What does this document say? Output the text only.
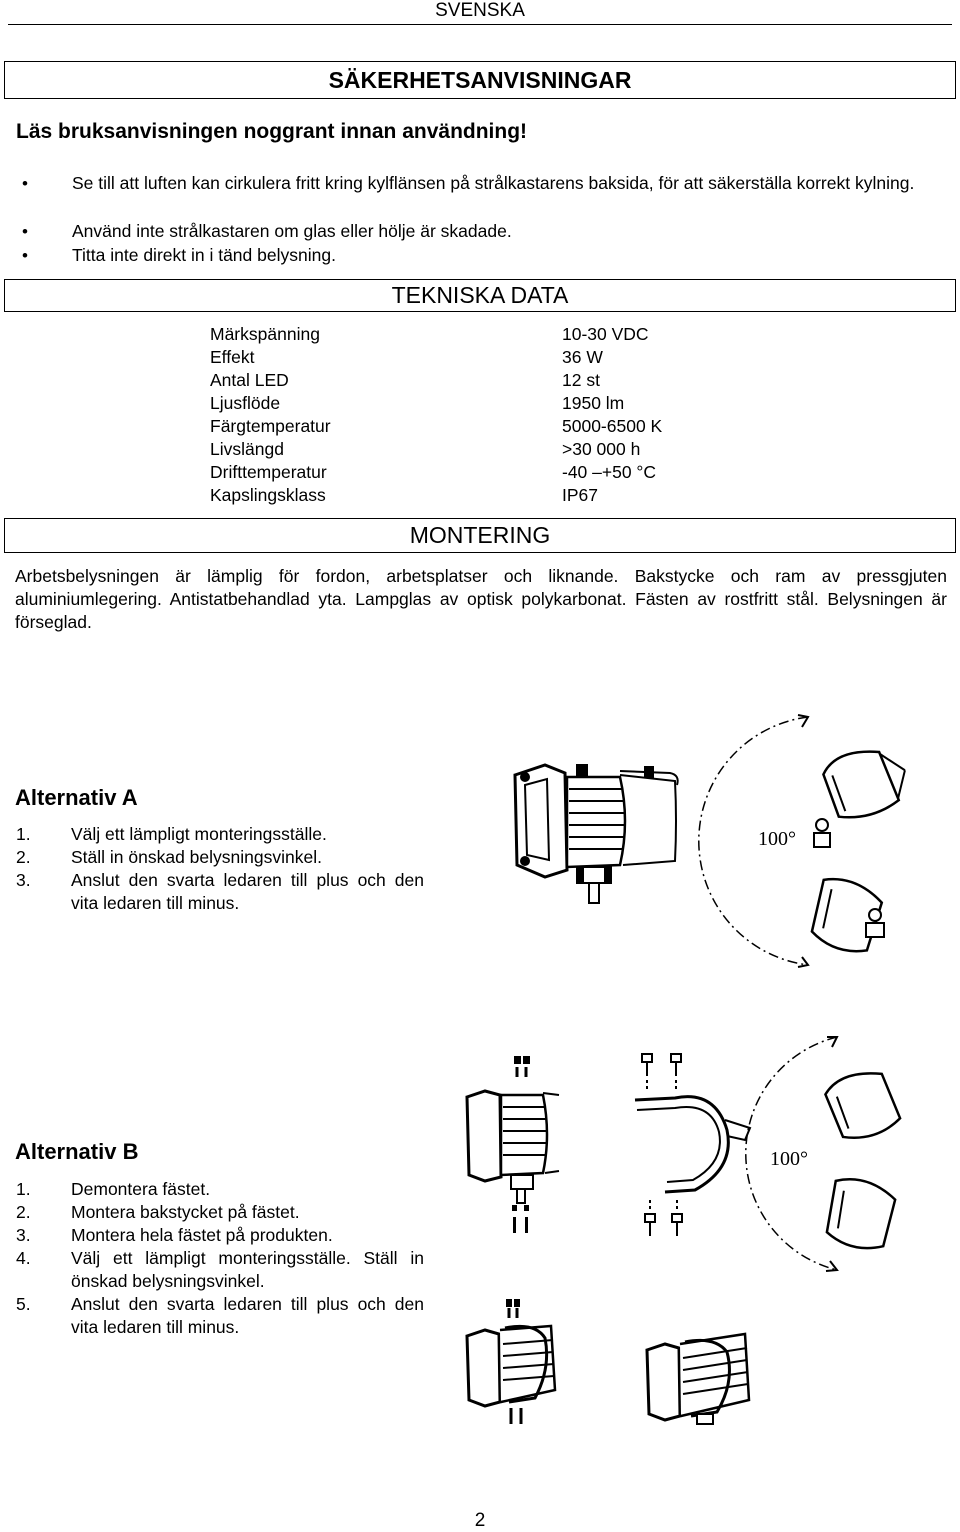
SVENSKA
SÄKERHETSANVISNINGAR
Läs bruksanvisningen noggrant innan användning!
•	Se till att luften kan cirkulera fritt kring kylflänsen på strålkastarens baksida, för att säkerställa korrekt kylning.
•	Använd inte strålkastaren om glas eller hölje är skadade.
•	Titta inte direkt in i tänd belysning.
TEKNISKA DATA
Märkspänning	10-30 VDC
Effekt	36 W
Antal LED	12 st
Ljusflöde	1950 lm
Färgtemperatur	5000-6500 K
Livslängd	>30 000 h
Drifttemperatur	-40 –+50 °C
Kapslingsklass	IP67
MONTERING
Arbetsbelysningen är lämplig för fordon, arbetsplatser och liknande. Bakstycke och ram av pressgjuten aluminiumlegering. Antistatbehandlad yta. Lampglas av optisk polykarbonat. Fästen av rostfritt stål. Belysningen är förseglad.
Alternativ A
1.	Välj ett lämpligt monteringsställe.
2.	Ställ in önskad belysningsvinkel.
3.	Anslut den svarta ledaren till plus och den vita ledaren till minus.
100°
Alternativ B
1.	Demontera fästet.
2.	Montera bakstycket på fästet.
3.	Montera hela fästet på produkten.
4.	Välj ett lämpligt monteringsställe. Ställ in önskad belysningsvinkel.
5.	Anslut den svarta ledaren till plus och den vita ledaren till minus.
100°
2
